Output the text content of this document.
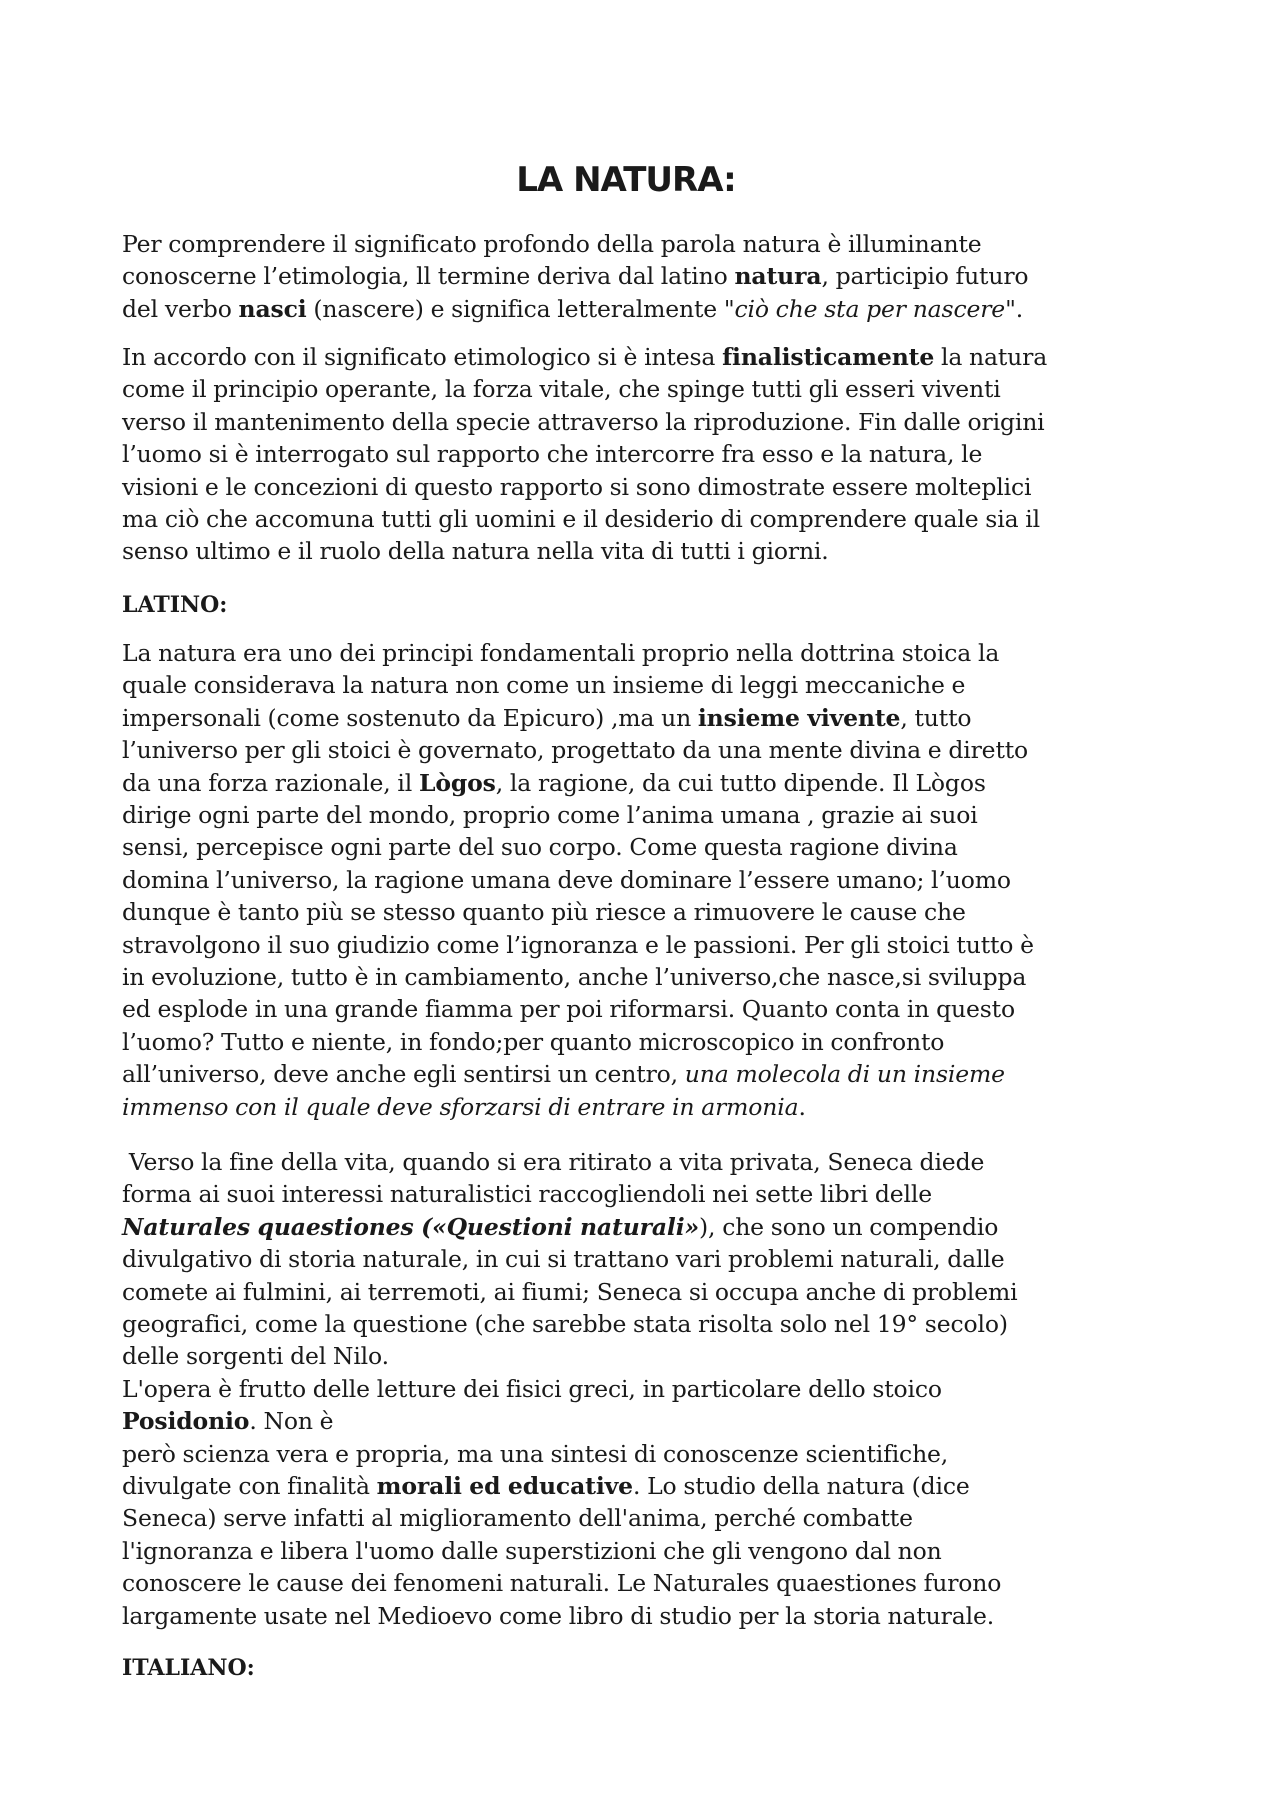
LA NATURA:

Per comprendere il significato profondo della parola natura è illuminante
conoscerne l’etimologia, ll termine deriva dal latino natura, participio futuro
del verbo nasci (nascere) e significa letteralmente "ciò che sta per nascere".

In accordo con il significato etimologico si è intesa finalisticamente la natura
come il principio operante, la forza vitale, che spinge tutti gli esseri viventi
verso il mantenimento della specie attraverso la riproduzione. Fin dalle origini
l’uomo si è interrogato sul rapporto che intercorre fra esso e la natura, le
visioni e le concezioni di questo rapporto si sono dimostrate essere molteplici
ma ciò che accomuna tutti gli uomini e il desiderio di comprendere quale sia il
senso ultimo e il ruolo della natura nella vita di tutti i giorni.

LATINO:

La natura era uno dei principi fondamentali proprio nella dottrina stoica la
quale considerava la natura non come un insieme di leggi meccaniche e
impersonali (come sostenuto da Epicuro) ,ma un insieme vivente, tutto
l’universo per gli stoici è governato, progettato da una mente divina e diretto
da una forza razionale, il Lògos, la ragione, da cui tutto dipende. Il Lògos
dirige ogni parte del mondo, proprio come l’anima umana , grazie ai suoi
sensi, percepisce ogni parte del suo corpo. Come questa ragione divina
domina l’universo, la ragione umana deve dominare l’essere umano; l’uomo
dunque è tanto più se stesso quanto più riesce a rimuovere le cause che
stravolgono il suo giudizio come l’ignoranza e le passioni. Per gli stoici tutto è
in evoluzione, tutto è in cambiamento, anche l’universo,che nasce,si sviluppa
ed esplode in una grande fiamma per poi riformarsi. Quanto conta in questo
l’uomo? Tutto e niente, in fondo;per quanto microscopico in confronto
all’universo, deve anche egli sentirsi un centro, una molecola di un insieme
immenso con il quale deve sforzarsi di entrare in armonia.

Verso la fine della vita, quando si era ritirato a vita privata, Seneca diede
forma ai suoi interessi naturalistici raccogliendoli nei sette libri delle
Naturales quaestiones («Questioni naturali»), che sono un compendio
divulgativo di storia naturale, in cui si trattano vari problemi naturali, dalle
comete ai fulmini, ai terremoti, ai fiumi; Seneca si occupa anche di problemi
geografici, come la questione (che sarebbe stata risolta solo nel 19° secolo)
delle sorgenti del Nilo.
L'opera è frutto delle letture dei fisici greci, in particolare dello stoico
Posidonio. Non è
però scienza vera e propria, ma una sintesi di conoscenze scientifiche,
divulgate con finalità morali ed educative. Lo studio della natura (dice
Seneca) serve infatti al miglioramento dell'anima, perché combatte
l'ignoranza e libera l'uomo dalle superstizioni che gli vengono dal non
conoscere le cause dei fenomeni naturali. Le Naturales quaestiones furono
largamente usate nel Medioevo come libro di studio per la storia naturale.

ITALIANO:
